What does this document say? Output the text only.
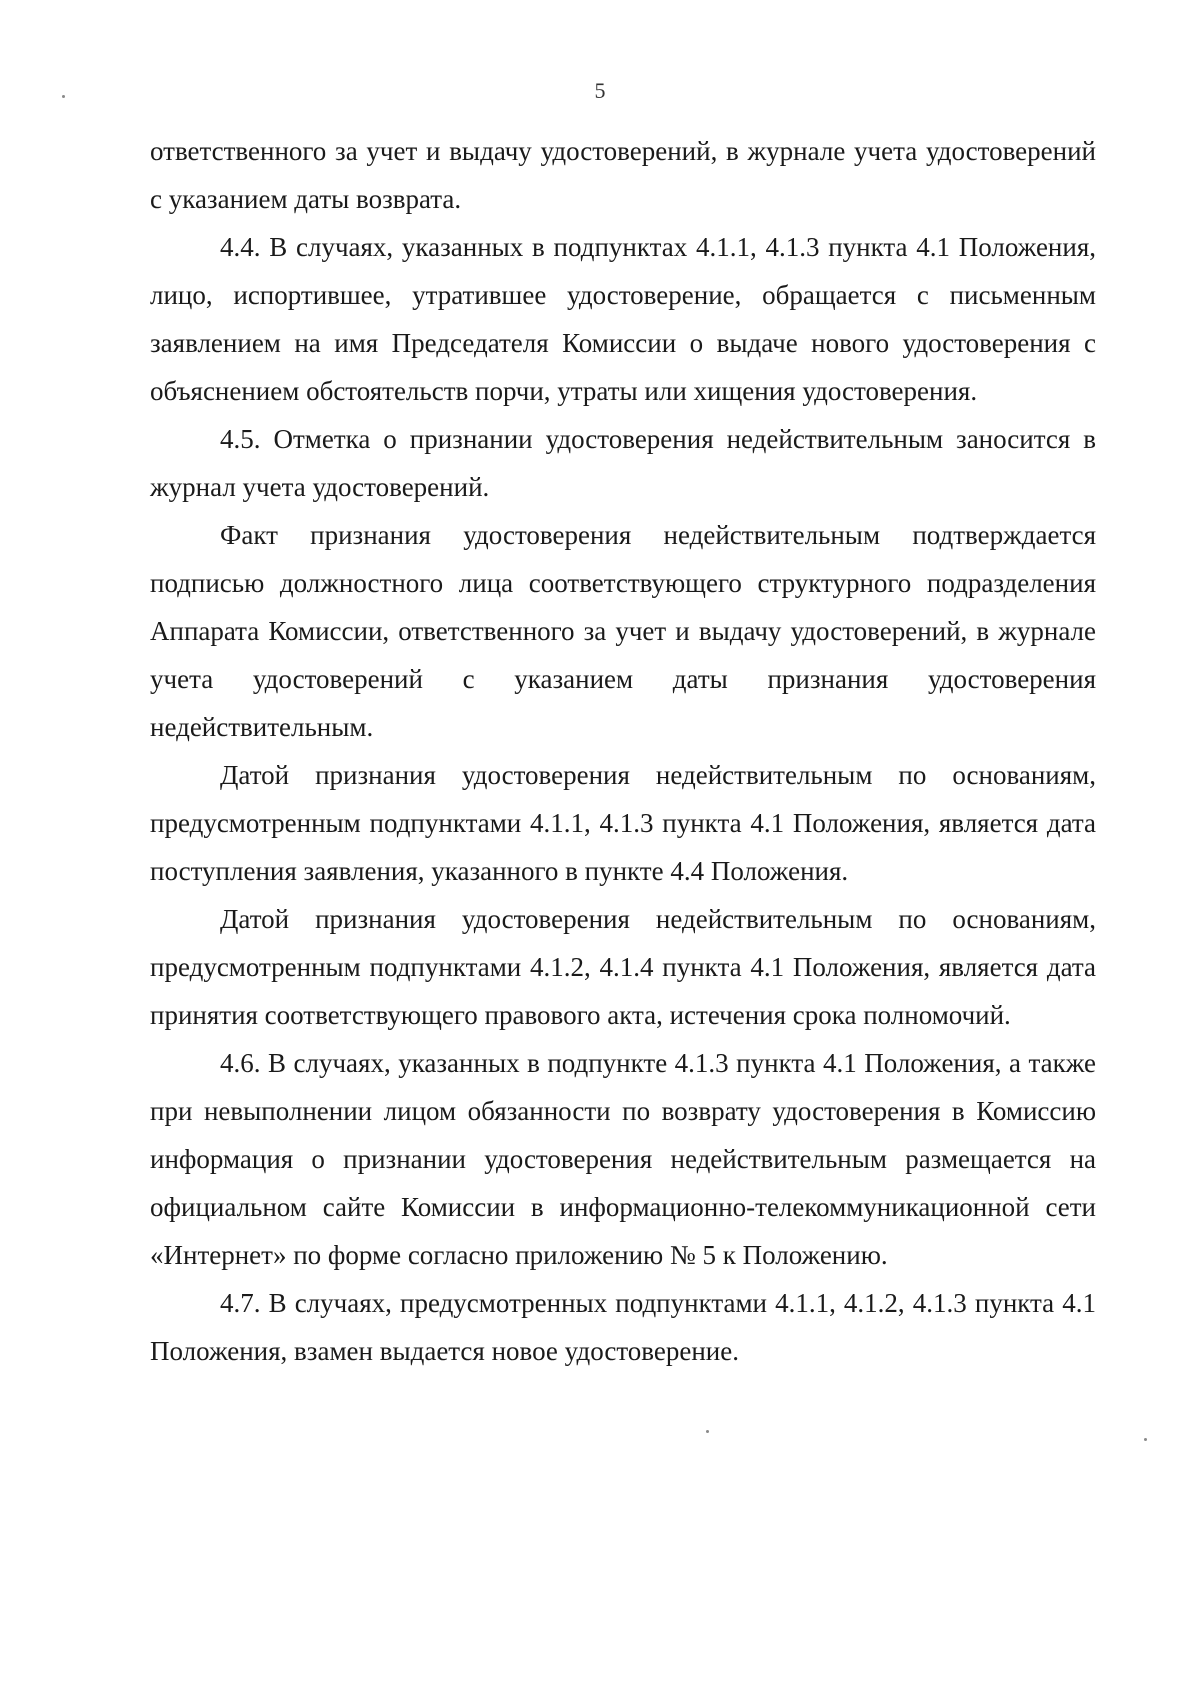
5

ответственного за учет и выдачу удостоверений, в журнале учета удостоверений с указанием даты возврата.

4.4. В случаях, указанных в подпунктах 4.1.1, 4.1.3 пункта 4.1 Положения, лицо, испортившее, утратившее удостоверение, обращается с письменным заявлением на имя Председателя Комиссии о выдаче нового удостоверения с объяснением обстоятельств порчи, утраты или хищения удостоверения.

4.5. Отметка о признании удостоверения недействительным заносится в журнал учета удостоверений.

Факт признания удостоверения недействительным подтверждается подписью должностного лица соответствующего структурного подразделения Аппарата Комиссии, ответственного за учет и выдачу удостоверений, в журнале учета удостоверений с указанием даты признания удостоверения недействительным.

Датой признания удостоверения недействительным по основаниям, предусмотренным подпунктами 4.1.1, 4.1.3 пункта 4.1 Положения, является дата поступления заявления, указанного в пункте 4.4 Положения.

Датой признания удостоверения недействительным по основаниям, предусмотренным подпунктами 4.1.2, 4.1.4 пункта 4.1 Положения, является дата принятия соответствующего правового акта, истечения срока полномочий.

4.6. В случаях, указанных в подпункте 4.1.3 пункта 4.1 Положения, а также при невыполнении лицом обязанности по возврату удостоверения в Комиссию информация о признании удостоверения недействительным размещается на официальном сайте Комиссии в информационно-телекоммуникационной сети «Интернет» по форме согласно приложению № 5 к Положению.

4.7. В случаях, предусмотренных подпунктами 4.1.1, 4.1.2, 4.1.3 пункта 4.1 Положения, взамен выдается новое удостоверение.
